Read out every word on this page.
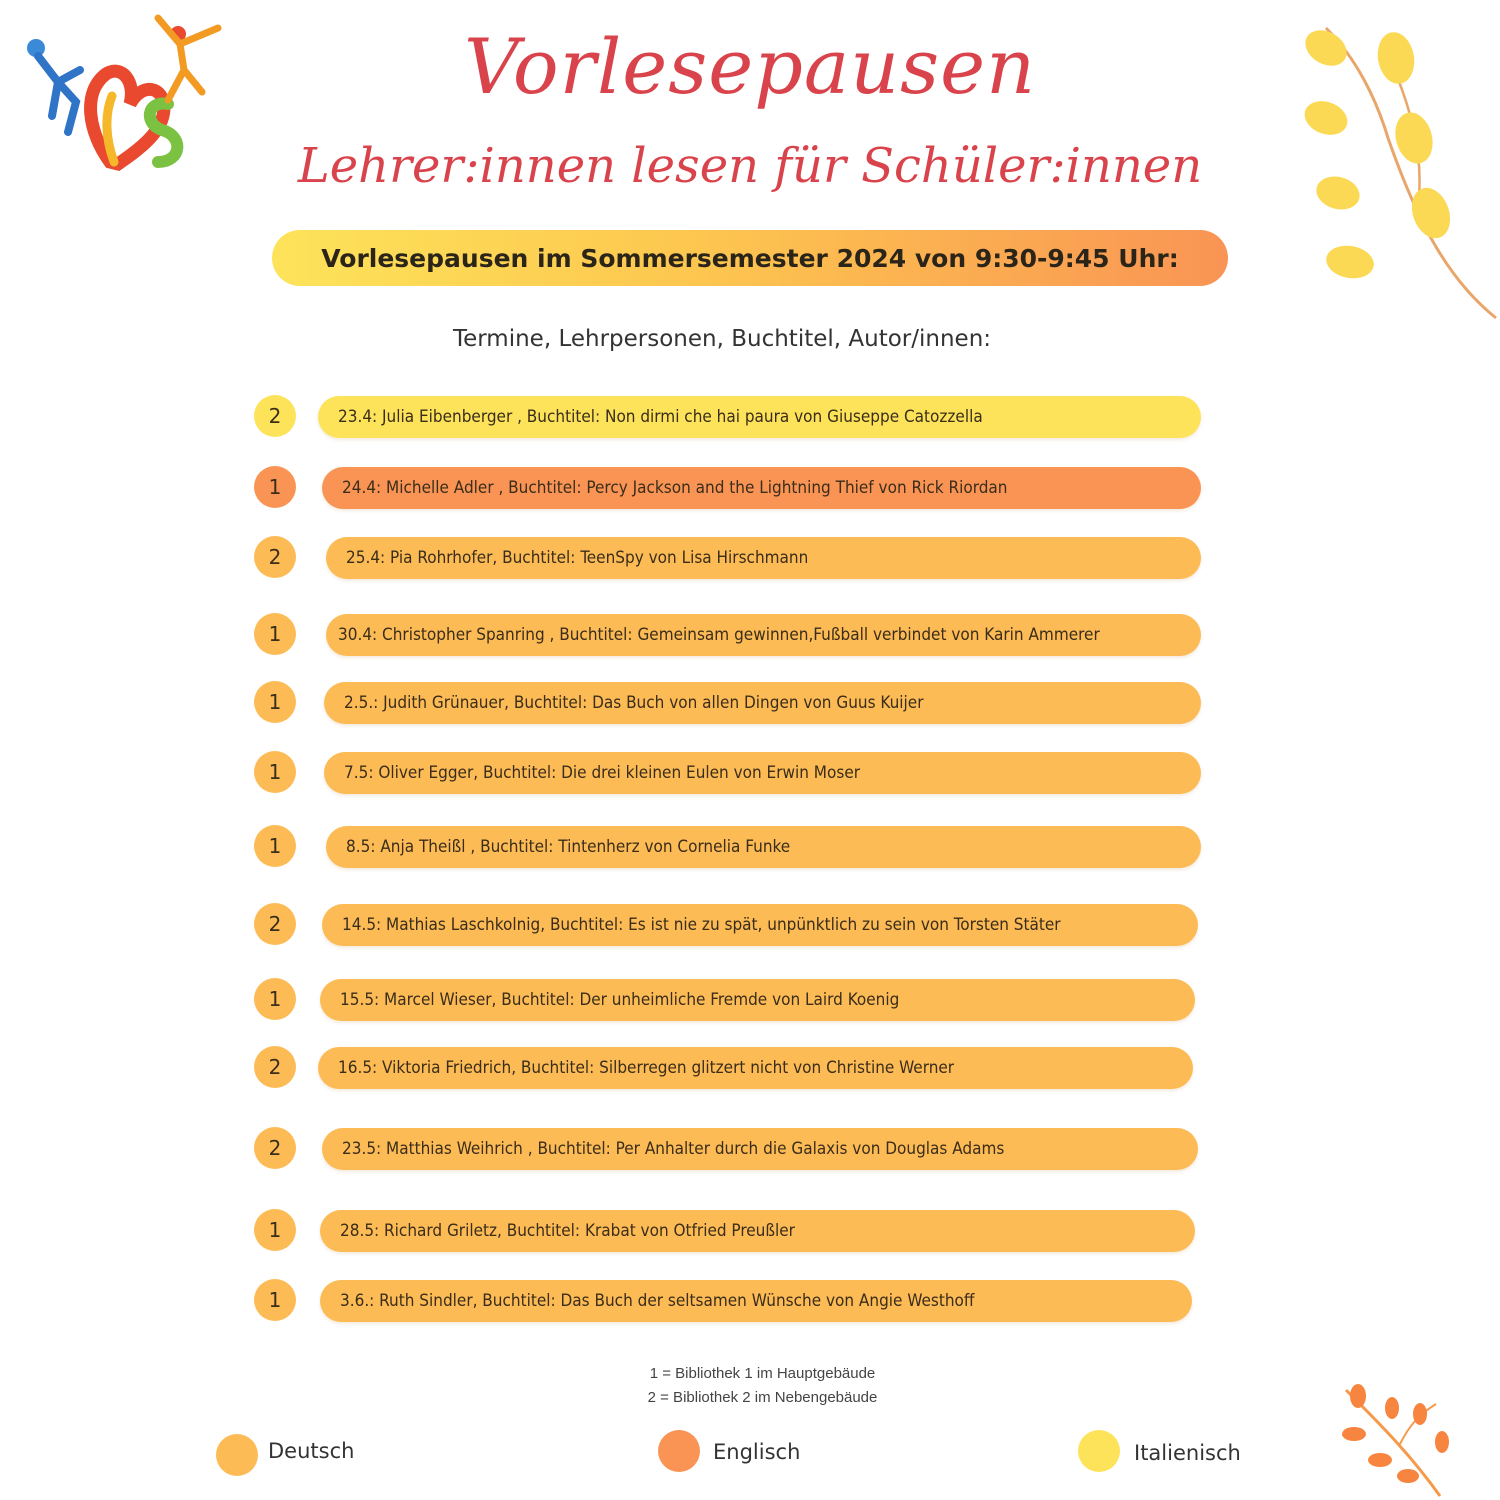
Vorlesepausen
Lehrer:innen lesen für Schüler:innen
Vorlesepausen im Sommersemester 2024 von 9:30-9:45 Uhr:
Termine, Lehrpersonen, Buchtitel, Autor/innen:
2	23.4: Julia Eibenberger , Buchtitel: Non dirmi che hai paura von Giuseppe Catozzella
1	24.4: Michelle Adler , Buchtitel: Percy Jackson and the Lightning Thief von Rick Riordan
2	25.4: Pia Rohrhofer, Buchtitel: TeenSpy von Lisa Hirschmann
1	30.4: Christopher Spanring , Buchtitel: Gemeinsam gewinnen,Fußball verbindet von Karin Ammerer
1	2.5.: Judith Grünauer, Buchtitel: Das Buch von allen Dingen von Guus Kuijer
1	7.5: Oliver Egger, Buchtitel: Die drei kleinen Eulen von Erwin Moser
1	8.5: Anja Theißl , Buchtitel: Tintenherz von Cornelia Funke
2	14.5: Mathias Laschkolnig, Buchtitel: Es ist nie zu spät, unpünktlich zu sein von Torsten Stäter
1	15.5: Marcel Wieser, Buchtitel: Der unheimliche Fremde von Laird Koenig
2	16.5: Viktoria Friedrich, Buchtitel: Silberregen glitzert nicht von Christine Werner
2	23.5: Matthias Weihrich , Buchtitel: Per Anhalter durch die Galaxis von Douglas Adams
1	28.5: Richard Griletz, Buchtitel: Krabat von Otfried Preußler
1	3.6.: Ruth Sindler, Buchtitel: Das Buch der seltsamen Wünsche von Angie Westhoff
1 = Bibliothek 1 im Hauptgebäude
2 = Bibliothek 2 im Nebengebäude
Deutsch	Englisch	Italienisch
